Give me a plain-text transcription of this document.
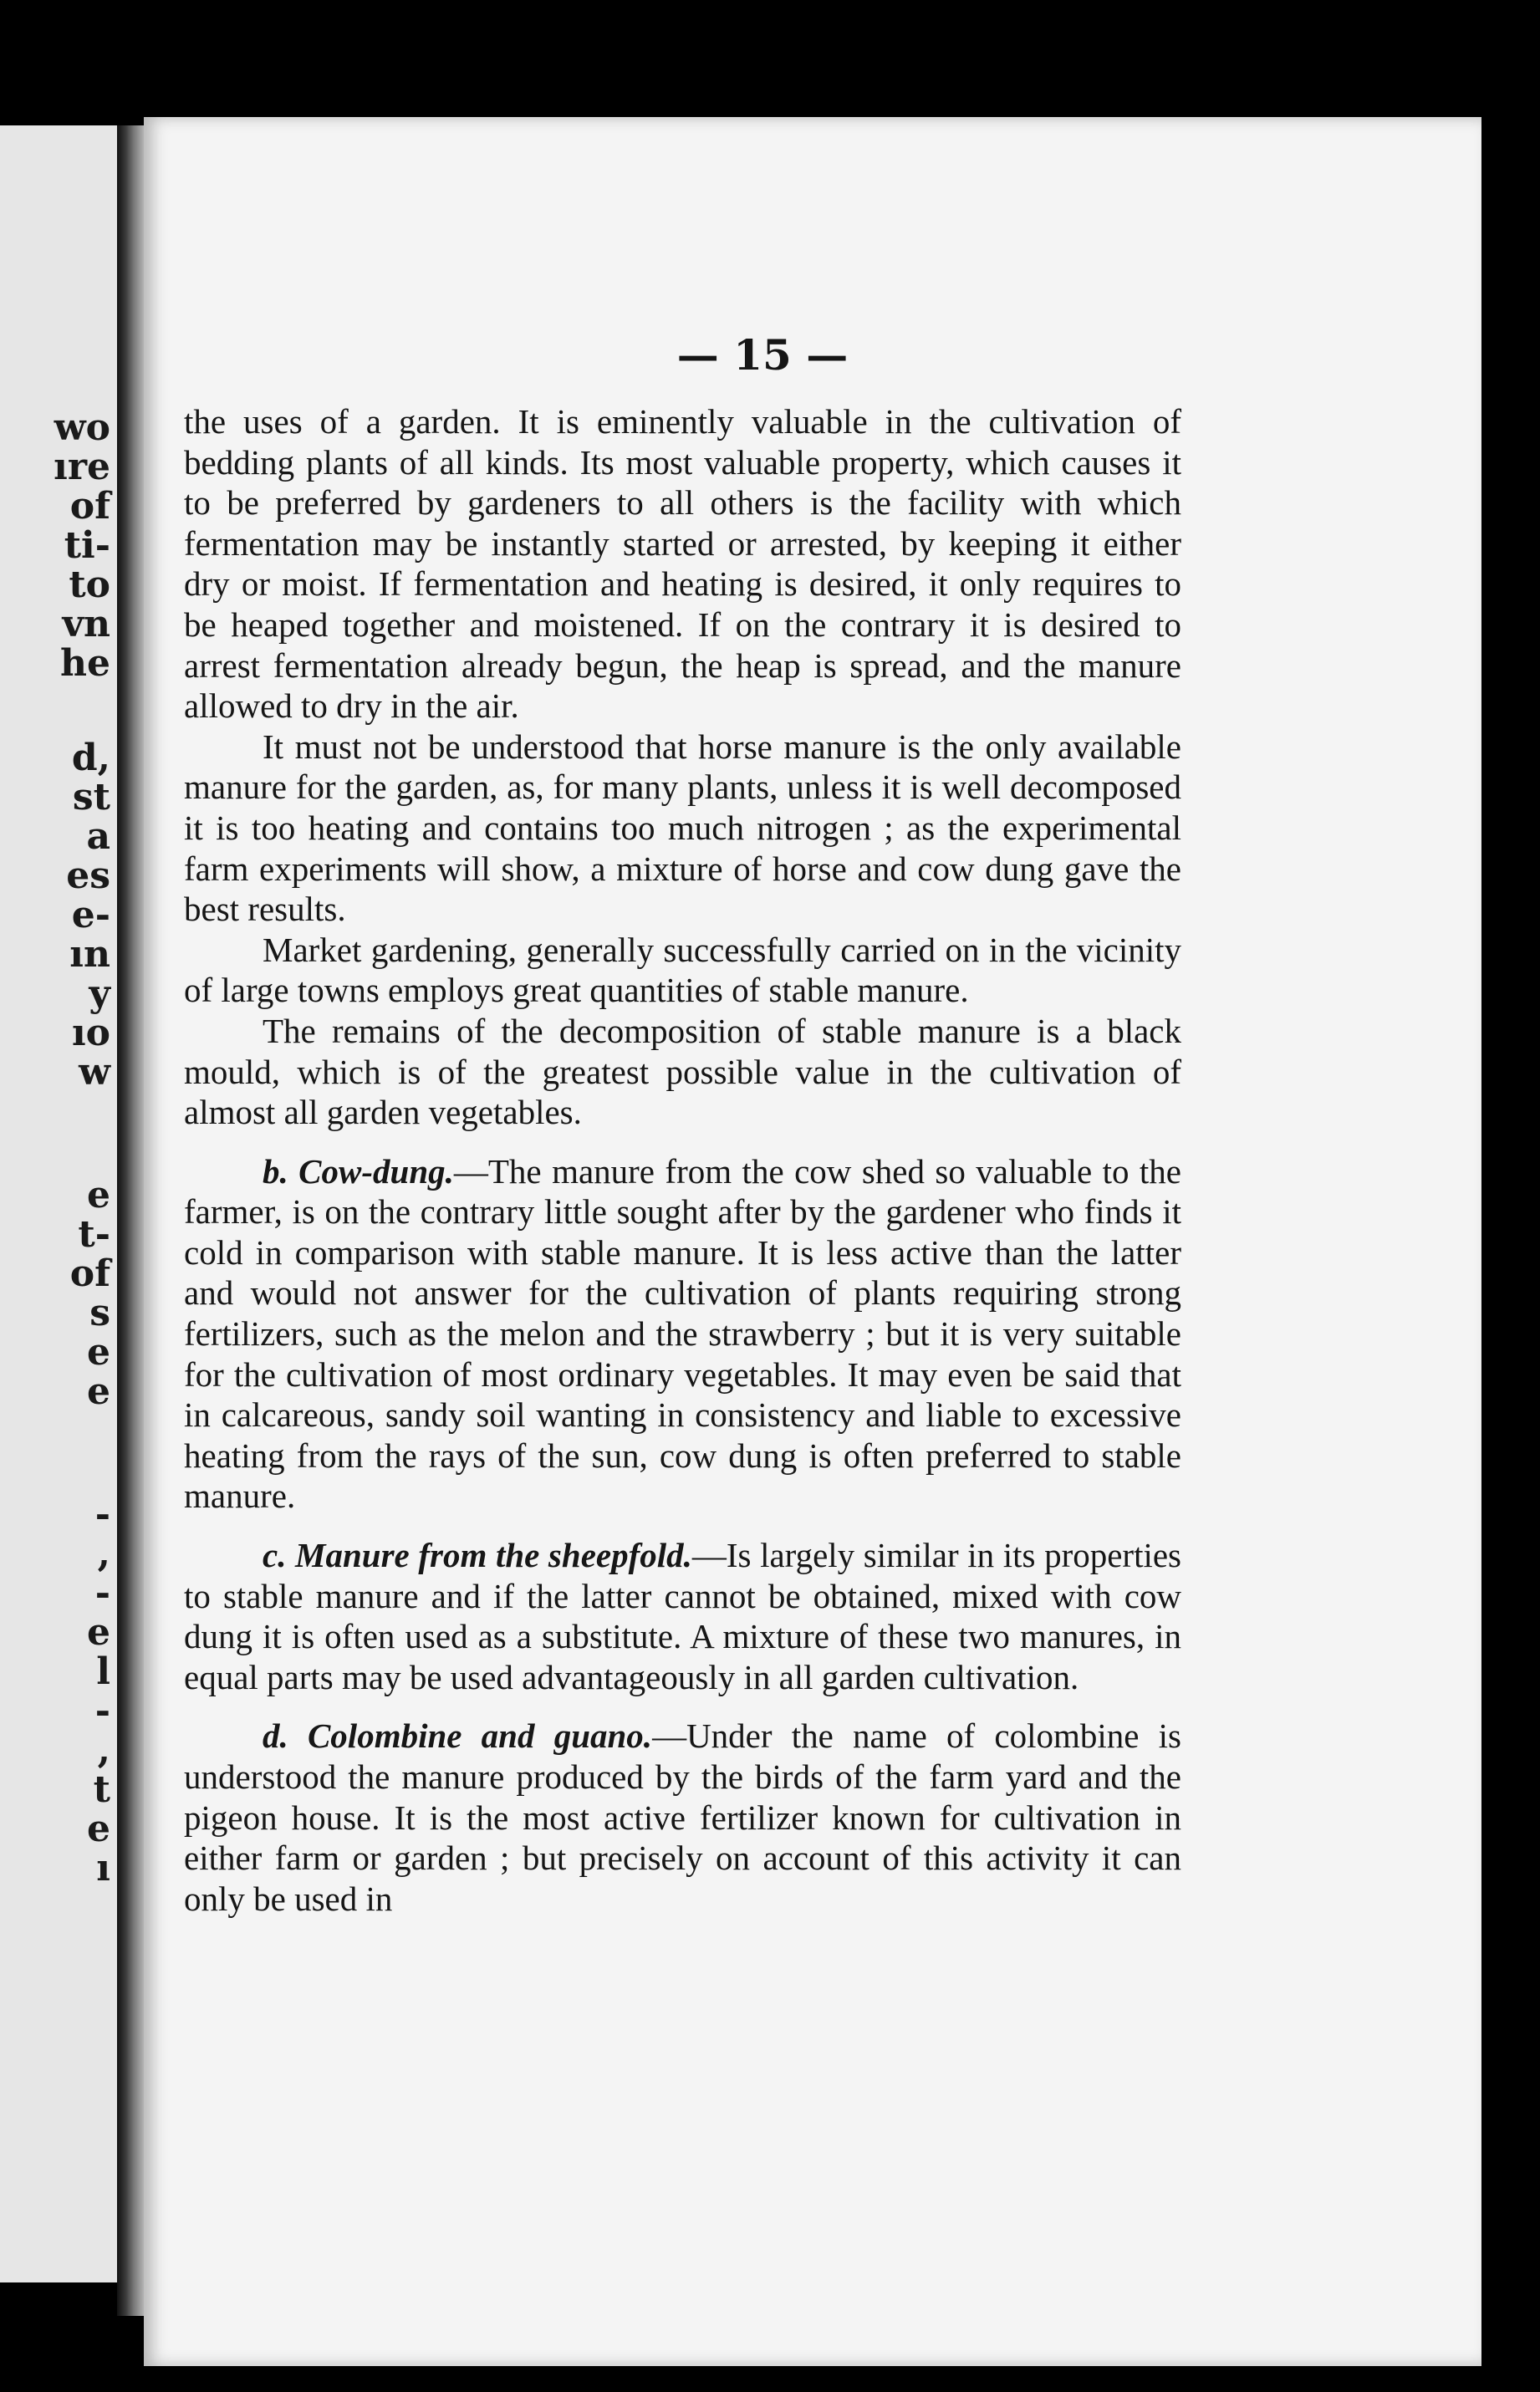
wo
ıre
of
ti-
to
vn
he
d,
st
a
es
e-
ın
y
ıo
w
e
t-
of
s
e
e
-
,
-
e
l
-
,
t
e
ı
— 15 —

the uses of a garden. It is eminently valuable in the cultivation of bedding plants of all kinds. Its most valuable property, which causes it to be preferred by gardeners to all others is the facility with which fermentation may be instantly started or arrested, by keeping it either dry or moist. If fermentation and heating is desired, it only requires to be heaped together and moistened. If on the contrary it is desired to arrest fermentation already begun, the heap is spread, and the manure allowed to dry in the air.

It must not be understood that horse manure is the only available manure for the garden, as, for many plants, unless it is well decomposed it is too heating and contains too much nitrogen ; as the experimental farm experiments will show, a mixture of horse and cow dung gave the best results.

Market gardening, generally successfully carried on in the vicinity of large towns employs great quantities of stable manure.

The remains of the decomposition of stable manure is a black mould, which is of the greatest possible value in the cultivation of almost all garden vegetables.

b. Cow-dung.—The manure from the cow shed so valuable to the farmer, is on the contrary little sought after by the gardener who finds it cold in comparison with stable manure. It is less active than the latter and would not answer for the cultivation of plants requiring strong fertilizers, such as the melon and the strawberry ; but it is very suitable for the cultivation of most ordinary vegetables. It may even be said that in calcareous, sandy soil wanting in consistency and liable to excessive heating from the rays of the sun, cow dung is often preferred to stable manure.

c. Manure from the sheepfold.—Is largely similar in its properties to stable manure and if the latter cannot be obtained, mixed with cow dung it is often used as a substitute. A mixture of these two manures, in equal parts may be used advantageously in all garden cultivation.

d. Colombine and guano.—Under the name of colombine is understood the manure produced by the birds of the farm yard and the pigeon house. It is the most active fertilizer known for cultivation in either farm or garden ; but precisely on account of this activity it can only be used in
